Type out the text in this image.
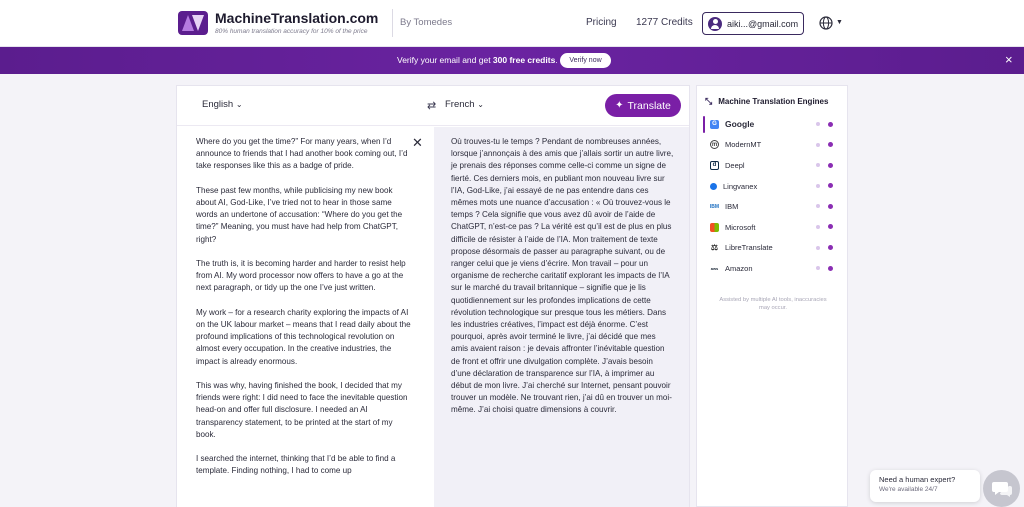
MachineTranslation.com
80% human translation accuracy for 10% of the price
By Tomedes	Pricing 1277 Credits	aiki...@gmail.com	▼
Verify your email and get 300 free credits.	Verify now	×
English ⌄	⇄ French ⌄	✦ Translate

Where do you get the time?” For many years, when I’d announce to friends that I had another book coming out, I’d take responses like this as a badge of pride.

These past few months, while publicising my new book about AI, God-Like, I’ve tried not to hear in those same words an undertone of accusation: “Where do you get the time?” Meaning, you must have had help from ChatGPT, right?

The truth is, it is becoming harder and harder to resist help from AI. My word processor now offers to have a go at the next paragraph, or tidy up the one I’ve just written.

My work – for a research charity exploring the impacts of AI on the UK labour market – means that I read daily about the profound implications of this technological revolution on almost every occupation. In the creative industries, the impact is already enormous.

This was why, having finished the book, I decided that my friends were right: I did need to face the inevitable question head-on and offer full disclosure. I needed an AI transparency statement, to be printed at the start of my book.

I searched the internet, thinking that I’d be able to find a template. Finding nothing, I had to come up

✕	Où trouves-tu le temps ? Pendant de nombreuses années, lorsque j’annonçais à des amis que j’allais sortir un autre livre, je prenais des réponses comme celle-ci comme un signe de fierté. Ces derniers mois, en publiant mon nouveau livre sur l’IA, God-Like, j’ai essayé de ne pas entendre dans ces mêmes mots une nuance d’accusation : « Où trouvez-vous le temps ? Cela signifie que vous avez dû avoir de l’aide de ChatGPT, n’est-ce pas ? La vérité est qu’il est de plus en plus difficile de résister à l’aide de l’IA. Mon traitement de texte propose désormais de passer au paragraphe suivant, ou de ranger celui que je viens d’écrire. Mon travail – pour un organisme de recherche caritatif explorant les impacts de l’IA sur le marché du travail britannique – signifie que je lis quotidiennement sur les profondes implications de cette révolution technologique sur presque tous les métiers. Dans les industries créatives, l’impact est déjà énorme. C’est pourquoi, après avoir terminé le livre, j’ai décidé que mes amis avaient raison : je devais affronter l’inévitable question de front et offrir une divulgation complète. J’avais besoin d’une déclaration de transparence sur l’IA, à imprimer au début de mon livre. J’ai cherché sur Internet, pensant pouvoir trouver un modèle. Ne trouvant rien, j’ai dû en trouver un moi-même. J’ai choisi quatre dimensions à couvrir.
⤡ Machine Translation Engines
G Google
m ModernMT
d	Deepl
Lingvanex
IBM IBM
Microsoft
⚖ LibreTranslate
aws Amazon
Assisted by multiple AI tools, inaccuracies may occur.
Need a human expert?
We're available 24/7
